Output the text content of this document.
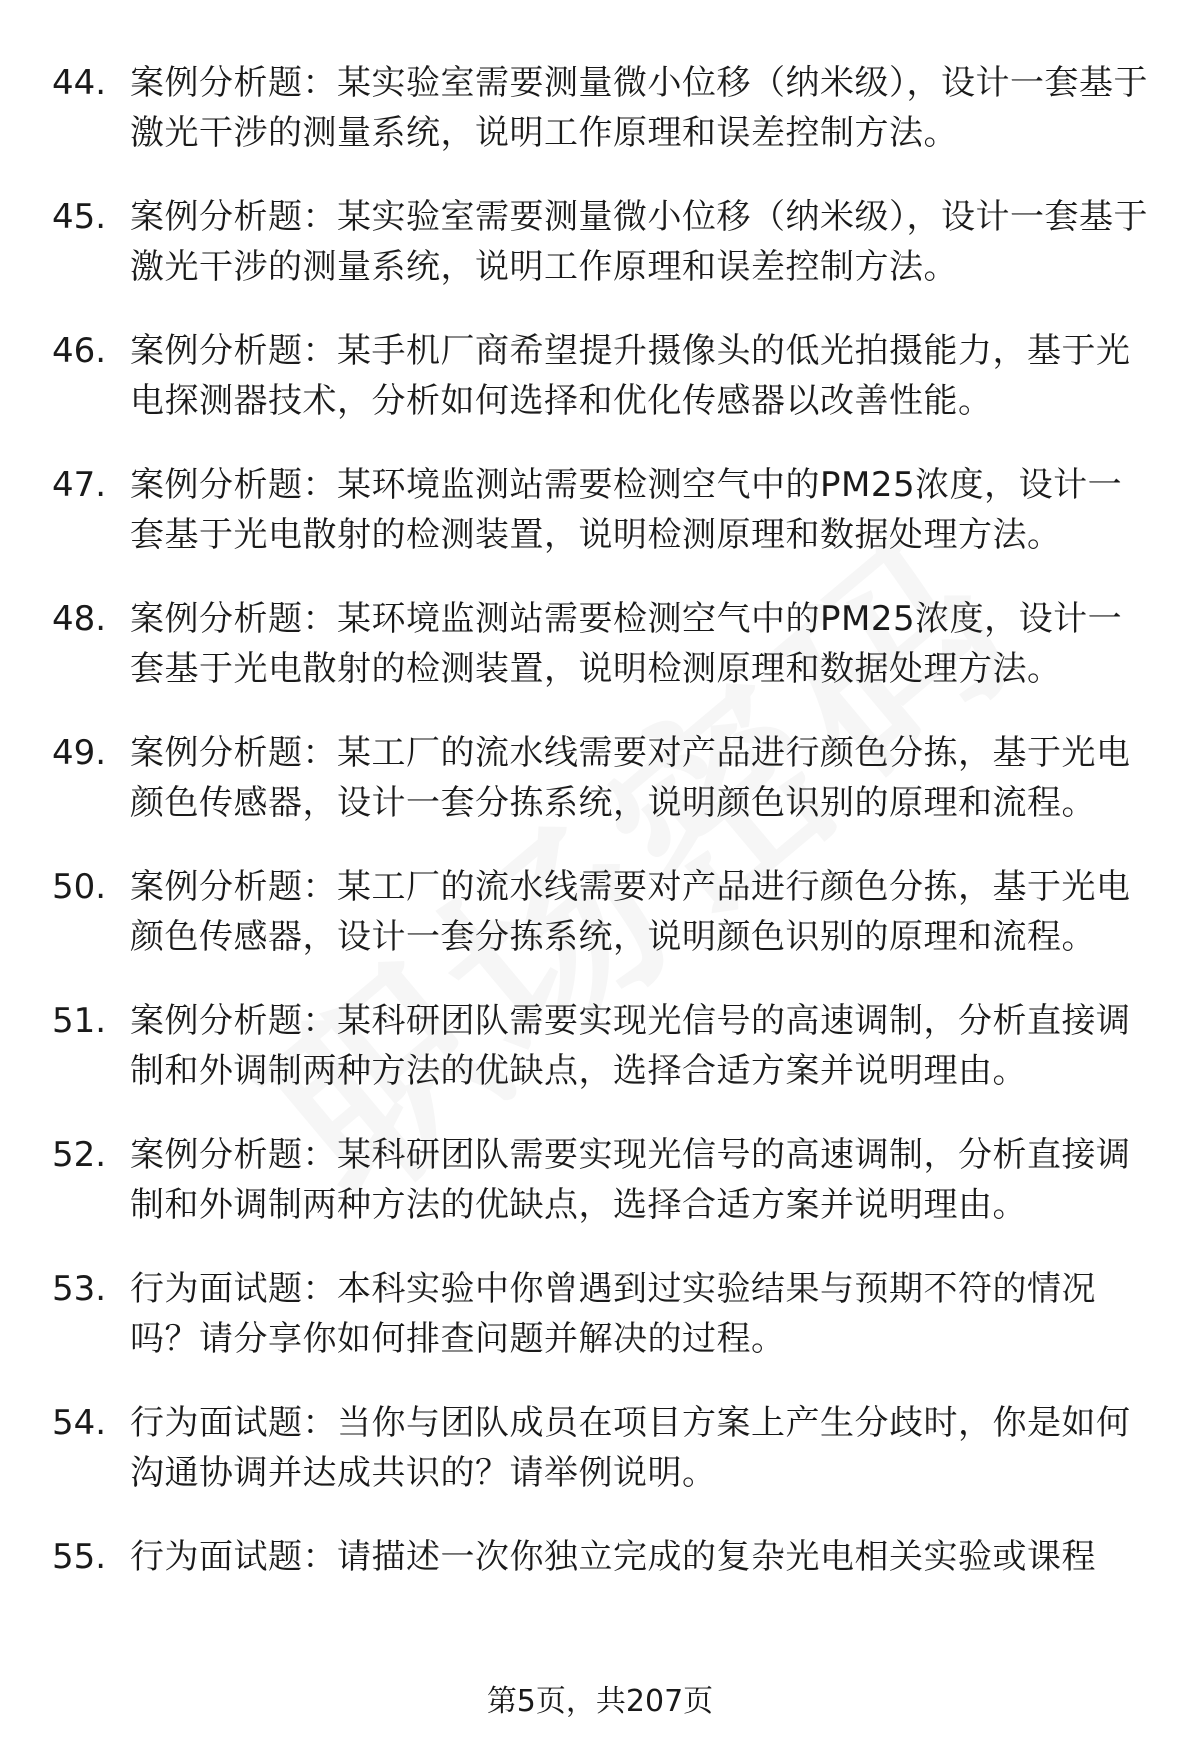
44. 案例分析题：某实验室需要测量微小位移（纳米级），设计一套基于激光干涉的测量系统，说明工作原理和误差控制方法。
45. 案例分析题：某实验室需要测量微小位移（纳米级），设计一套基于激光干涉的测量系统，说明工作原理和误差控制方法。
46. 案例分析题：某手机厂商希望提升摄像头的低光拍摄能力，基于光电探测器技术，分析如何选择和优化传感器以改善性能。
47. 案例分析题：某环境监测站需要检测空气中的PM25浓度，设计一套基于光电散射的检测装置，说明检测原理和数据处理方法。
48. 案例分析题：某环境监测站需要检测空气中的PM25浓度，设计一套基于光电散射的检测装置，说明检测原理和数据处理方法。
49. 案例分析题：某工厂的流水线需要对产品进行颜色分拣，基于光电颜色传感器，设计一套分拣系统，说明颜色识别的原理和流程。
50. 案例分析题：某工厂的流水线需要对产品进行颜色分拣，基于光电颜色传感器，设计一套分拣系统，说明颜色识别的原理和流程。
51. 案例分析题：某科研团队需要实现光信号的高速调制，分析直接调制和外调制两种方法的优缺点，选择合适方案并说明理由。
52. 案例分析题：某科研团队需要实现光信号的高速调制，分析直接调制和外调制两种方法的优缺点，选择合适方案并说明理由。
53. 行为面试题：本科实验中你曾遇到过实验结果与预期不符的情况吗？请分享你如何排查问题并解决的过程。
54. 行为面试题：当你与团队成员在项目方案上产生分歧时，你是如何沟通协调并达成共识的？请举例说明。
55. 行为面试题：请描述一次你独立完成的复杂光电相关实验或课程
第5页，共207页
